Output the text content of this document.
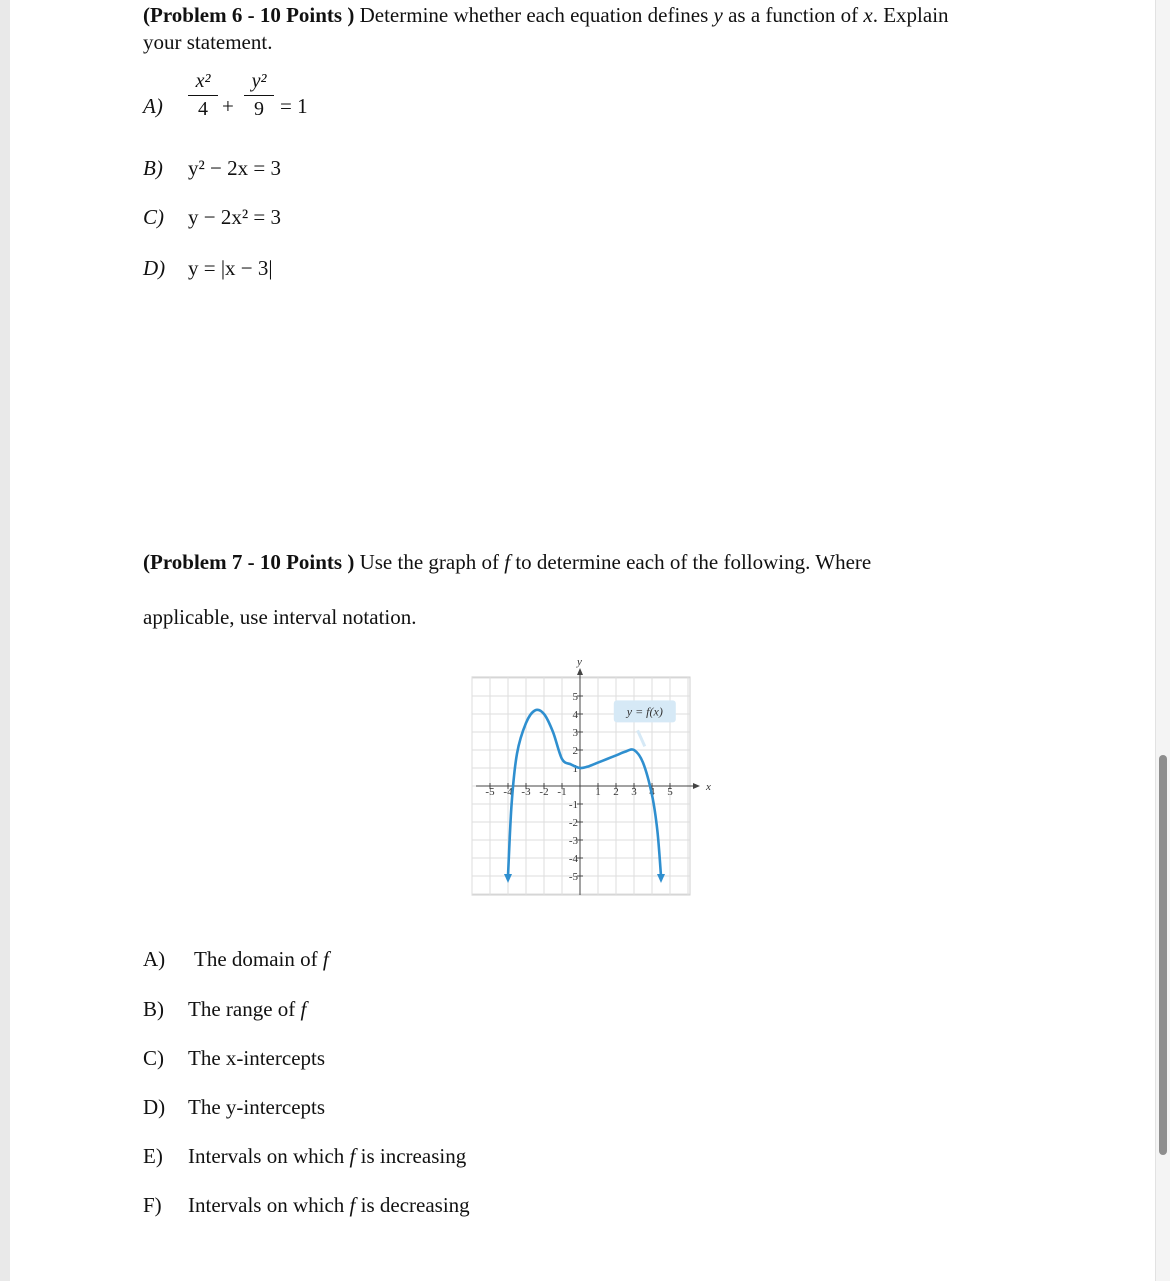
(Problem 6 - 10 Points ) Determine whether each equation defines y as a function of x. Explain
your statement.
A)
x²
4 +
y²
9 = 1
B) y² − 2x = 3
C) y − 2x² = 3
D) y = |x − 3|
(Problem 7 - 10 Points ) Use the graph of f to determine each of the following. Where
applicable, use interval notation.
x
y
-5 -4 -3 -2 -1	1 2 3 4 5
5
4
3
2
1
-1
-2
-3
-4
-5
y = f(x)
A) The domain of f
B) The range of f
C) The x-intercepts
D) The y-intercepts
E) Intervals on which f is increasing
F) Intervals on which f is decreasing
